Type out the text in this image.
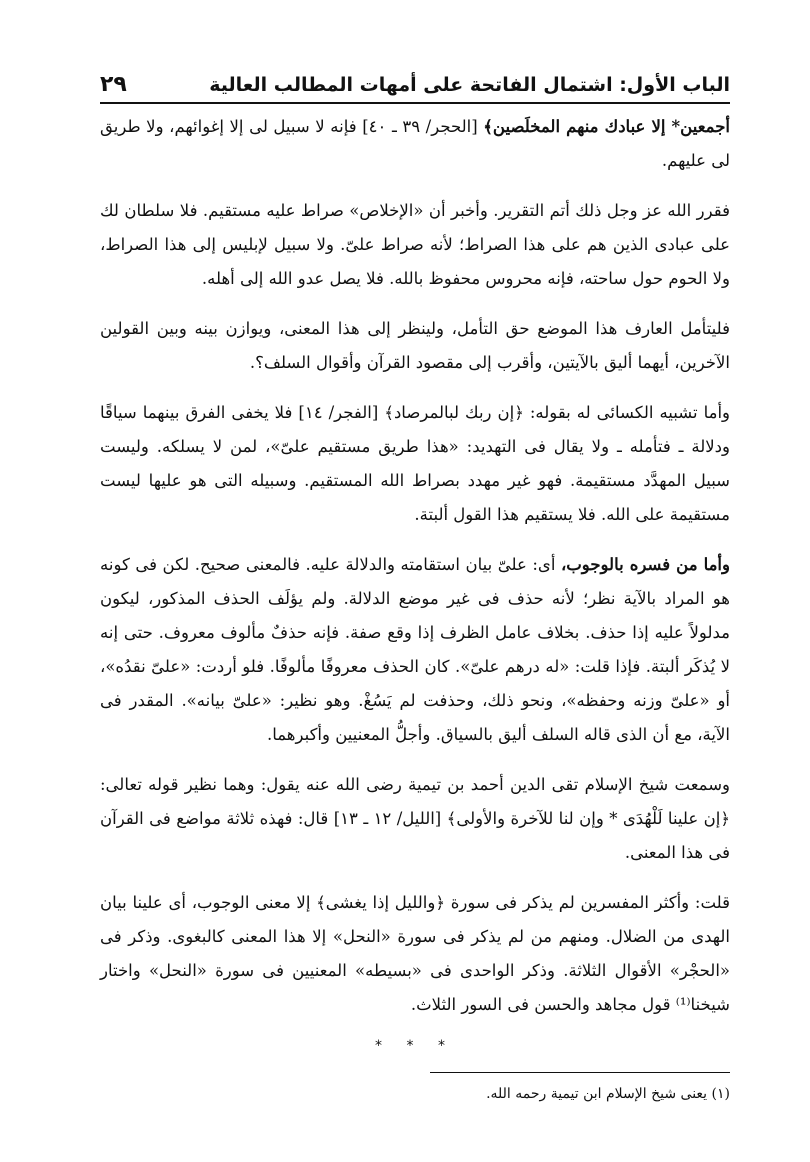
٢٩	الباب الأول: اشتمال الفاتحة على أمهات المطالب العالية

أجمعين* إلا عبادك منهم المخلَصين﴾ [الحجر/ ٣٩ ـ ٤٠] فإنه لا سبيل لى إلا إغوائهم، ولا طريق لى عليهم.

فقرر الله عز وجل ذلك أتم التقرير. وأخبر أن «الإخلاص» صراط عليه مستقيم. فلا سلطان لك على عبادى الذين هم على هذا الصراط؛ لأنه صراط علىّ. ولا سبيل لإبليس إلى هذا الصراط، ولا الحوم حول ساحته، فإنه محروس محفوظ بالله. فلا يصل عدو الله إلى أهله.

فليتأمل العارف هذا الموضع حق التأمل، ولينظر إلى هذا المعنى، ويوازن بينه وبين القولين الآخرين، أيهما أليق بالآيتين، وأقرب إلى مقصود القرآن وأقوال السلف؟.

وأما تشبيه الكسائى له بقوله: ﴿إن ربك لبالمرصاد﴾ [الفجر/ ١٤] فلا يخفى الفرق بينهما سياقًا ودلالة ـ فتأمله ـ ولا يقال فى التهديد: «هذا طريق مستقيم علىّ»، لمن لا يسلكه. وليست سبيل المهدَّد مستقيمة. فهو غير مهدد بصراط الله المستقيم. وسبيله التى هو عليها ليست مستقيمة على الله. فلا يستقيم هذا القول ألبتة.

وأما من فسره بالوجوب، أى: علىّ بيان استقامته والدلالة عليه. فالمعنى صحيح. لكن فى كونه هو المراد بالآية نظر؛ لأنه حذف فى غير موضع الدلالة. ولم يؤلَف الحذف المذكور، ليكون مدلولاً عليه إذا حذف. بخلاف عامل الظرف إذا وقع صفة. فإنه حذفٌ مألوف معروف. حتى إنه لا يُذكَر ألبتة. فإذا قلت: «له درهم علىّ». كان الحذف معروفًا مألوفًا. فلو أردت: «علىّ نقدُه»، أو «علىّ وزنه وحفظه»، ونحو ذلك، وحذفت لم يَسُغْ. وهو نظير: «علىّ بيانه». المقدر فى الآية، مع أن الذى قاله السلف أليق بالسياق. وأجلُّ المعنيين وأكبرهما.

وسمعت شيخ الإسلام تقى الدين أحمد بن تيمية رضى الله عنه يقول: وهما نظير قوله تعالى: ﴿إن علينا لَلْهُدَى * وإن لنا للآخرة والأولى﴾ [الليل/ ١٢ ـ ١٣] قال: فهذه ثلاثة مواضع فى القرآن فى هذا المعنى.

قلت: وأكثر المفسرين لم يذكر فى سورة ﴿والليل إذا يغشى﴾ إلا معنى الوجوب، أى علينا بيان الهدى من الضلال. ومنهم من لم يذكر فى سورة «النحل» إلا هذا المعنى كالبغوى. وذكر فى «الحجْر» الأقوال الثلاثة. وذكر الواحدى فى «بسيطه» المعنيين فى سورة «النحل» واختار شيخنا⁽¹⁾ قول مجاهد والحسن فى السور الثلاث.

* * *
(١) يعنى شيخ الإسلام ابن تيمية رحمه الله.
